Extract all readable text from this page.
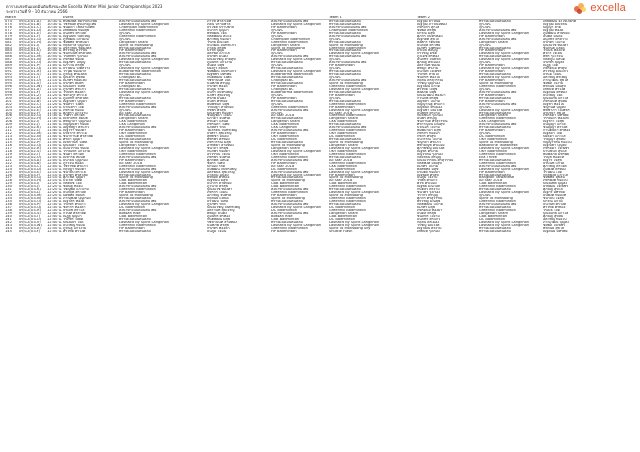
ตารางแข่งขันแบดมินตันชิงชนะเลิศ Excella Winter Mini Junior Championships 2023
ระหว่างวันที่ 9 - 10 ธันวาคม 2566	excella
Match			Event				Team 1	Team 2		
074	09/12(U1-A)	10:30 น.	ทับพงษ์ศ สมรรถนะชัย	สิ่งนำทางแบดมินตันไทย	ภาวิช ศาลาเลิศ	สิ่งนำทางแบดมินตันไทย	ทรายแบดมินตันคลับ	ณัฐวุฒิ ลาวัณย์	ทรายแบดมินตันคลับ	เตชพัฒน์ จงโขเกียรติ
075	09/12(U1-B)	10:30 น.	วัชรพงศ สุขเจริญไทย	Lashakit By Spirit Langkhon	ภคิน ปราบพาล	Lashakit By Spirit Langkhon	ทรายแบดมินตันคลับ	ณัฐวุฒิ ภาวัณย์ทอง	@CWC	ณัฐวุฒิ มณีรัตน์
076	09/12(U1-C)	10:30 น.	ชนัดดา โชติงามเทพ	Champion Badminton	ธีรโชติ ปราบพาล	HP Badminton	สิ่งนำทางแบดมินตันไทย	ภัทรจักร สุกใส	@CWC	ปัญญา สาย
077	09/12(U1-D)	10:30 น.	เตชพัฒน์ ทองสุข	Greenhill Badminton	ธนากร บุญมา	@CWC	Champion Badminton	ชยพล ศรีสุข	สิ่งนำทางแบดมินตันไทย	ณัฐวุฒิ ทองดี
078	09/12(U1-E)	10:30 น.	ธนภัทร ศรีวงศ์	@CWC	พีรพัฒน์ ใจดี	HP Badminton	ทรายแบดมินตันคลับ	ปกรณ์ มีสุข	Lashakit By Spirit Langkhon	ภูมิพัฒน์ สายทอง
079	09/12(U1-F)	10:40 น.	ณัฐนนท์ วงศ์ใหญ่	Greenhill Badminton	กิตติพัฒน์ สมใจ	@CWC	สิ่งนำทางแบดมินตันไทย	ศุภกร จันทร์หอม	HP Badminton	ธนพล มั่นคง
080	09/12(U1-G)	10:40 น.	ภูริพัฒน์ แก้วมณี	@CWC	ศุภวิชญ์ ทองมา	Champion Badminton	@CWC	ณัฐกิตติ์ สุขใจ	สิ่งนำทางแบดมินตันไทย	อนุภัทร ศรีสว่าง
081	09/12(U1-H)	10:40 น.	ชยพัทธ์ พรหมมา	Langkhon Shark	วรภพ มณีวงศ์	Greenhill Badminton	ทรายแบดมินตันคลับ	พงศกร รัตนชัย	Langkhon Shark	ธีรภัทร ใจงาม
082	09/12(U1-I)	10:40 น.	กฤตภาส บุญเรือง	Spirit To Monsoong	ธนวัฒน์ อินทร์แก้ว	Langkhon Shark	Spirit To Monsoong	ธนกฤต ศรีวิชัย	@CWC	ปุณณวิช ทองคำ
083	09/12(U1-J)	10:40 น.	อชิรวิชญ์ ชัยมงคล	ทรายแบดมินตันคลับ	ภาคิน ศรีสุข	Spirit To Monsoong	Greenhill Badminton	ณภัทร วงศ์ทอง	ทรายแบดมินตันคลับ	ชนกันต์ แสงดี
084	09/12(U1-K)	10:50 น.	พีรวิชญ์ สุวรรณ	HP Badminton	ปวริศ บุญมี	HP Badminton	ทรายแบดมินตันคลับ	ธีรเมธ พึ่งบุญ	HP Badminton	วรเมธ ทองแท้
085	09/12(U1-L)	10:50 น.	ชนกนันท์ ศรีสวัสดิ์	สิ่งนำทางแบดมินตันไทย	อัครพล แก้วใส	@CWC	Lashakit By Spirit Langkhon	กรวิชญ์ มีชัย	Lashakit By Spirit Langkhon	ศิวกร ใจเย็น
086	09/12(U1-M)	10:50 น.	วิรัลพัชร รุ่งเรือง	สิ่งนำทางแบดมินตันไทย	ธีรภัทร มั่นคง	สิ่งนำทางแบดมินตันไทย	ทรายแบดมินตันคลับ	ภูวเดช ศรีทอง	ทรายแบดมินตันคลับ	พชร รุ่งโรจน์
087	09/12(U1-N)	10:50 น.	ภัทรพล ทองดี	Lashakit By Spirit Langkhon	ปัณณวิชญ์ สายสุข	Lashakit By Spirit Langkhon	@CWC	ธนภัทร จันทร์ดี	Lashakit By Spirit Langkhon	กิตติภูมิ แสนดี
088	09/12(U1-O)	10:50 น.	ณัฐภัทร ใจบุญ	ทรายแบดมินตันคลับ	ภูมินทร์ แก้วงาม	ทรายแบดมินตันคลับ	สิ่งนำทางแบดมินตันไทย	ศุภณัฐ ศรีเมือง	@CWC	จิรภัทร บุญส่ง
089	09/12(U1-P)	11:00 น.	ปภาวิน ศรีสุข	@CWC	ธนดล มีสุข	@CWC	HP Badminton	อัครวินท์ ทองมี	HP Badminton	ณัฏฐ์ ใจดี
090	09/12(U1-Q)	11:00 น.	ธีรวัฒน์ วงศ์สว่าง	Lashakit By Spirit Langkhon	ปิยังกูร สมบัติ	ทรายแบดมินตันคลับ	@CWC	พิชญะ ศรีงาม	Lashakit By Spirit Langkhon	ภัทรดนัย ศรีสุข
091	09/12(U1-R)	11:00 น.	วรวุฒิ ทองมาก	BuddHarma Badminton	ชัยพัฒน์ จันทร์แก้ว	Lashakit By Spirit Langkhon	ทรายแบดมินตันคลับ	ธนวินท์ ใจเพชร	HP Badminton	สิรวิชญ์ มณีแก้ว
092	09/12(U1-S)	11:00 น.	ภูริณัฐ ศรีมงคล	ทรายแบดมินตันคลับ	ณัฐพัชร์ มีทรัพย์	BuddHarma Badminton	ทรายแบดมินตันคลับ	วีรภัทร สายใจ	ทรายแบดมินตันคลับ	ธีรนัย ใจมั่น
093	09/12(U1-T)	11:00 น.	ปุณยวีร์ สุขสม	Changsai BC	กันตพัฒน์ วงศ์ดี	ทรายแบดมินตันคลับ	@CWC	ชินภัทร ทองใบ	Lashakit By Spirit Langkhon	อติวิชญ์ ศรีเพ็ญ
094	09/12(U1-U)	11:10 น.	ณภัทร ทองแสง	ทรายแบดมินตันคลับ	รัชชานนท์ ใจดี	Changsai BC	สิ่งนำทางแบดมินตันไทย	กฤติน ศรีสุวรรณ	HP Badminton	ภาณุวัฒน์ สุขใส
095	09/12(U1-V)	11:10 น.	ธีรภัทร สมศรี	HP Badminton	นันทภพ ศรีบุญ	ทรายแบดมินตันคลับ	Spirit To Monsoong	วรัชญ์ บุญเรือง	Spirit To Monsoong	ชยพล ใจงาม
096	09/12(U1-W)	11:10 น.	ปัณณธร วิเศษ	Changsai BC	กรภัทร ทองดี	HP Badminton	Greenhill Badminton	ณัฐวัฒน์ แก้วดี	Greenhill Badminton	พีรดนย์ มณีสุข
097	09/12(U1-X)	11:10 น.	ภูริภัทร ศรีแก้ว	ทรายแบดมินตันคลับ	ธนภูมิ รักดี	Changsai BC	Lashakit By Spirit Langkhon	ศิรวิทย์ ใจสุข	@CWC	เตชินท์ ศรีวงศ์
098	09/12(U1-Y)	11:10 น.	วรินทร ทองคำ	Lashakit By Spirit Langkhon	ธนกร จันทร์เพ็ญ	BuddHarma Badminton	ทรายแบดมินตันคลับ	พงศภัค มีสุข	สิ่งนำทางแบดมินตันไทย	ณัฐดนัย ศรีทอง
099	09/12(U1-Z)	11:20 น.	ชยางกูร ศรีวิไล	@CWC	นภัทร สุขเจริญ	@CWC	HP Badminton	ปัณณวัฒน์ ทองมา	HP Badminton	ธนวิชญ์ ใจดี
100	09/12(U2-A)	11:20 น.	ภูมิภัทร ศรีสวัสดิ์	ทรายแบดมินตันคลับ	สิรภพ มั่นคง	HP Badminton	@CWC	กวินภพ ศรีสุข	ทรายแบดมินตันคลับ	ปุณณภพ แก้วใส
101	09/12(U2-B)	11:20 น.	ณัฐณิชา บุญมา	HP Badminton	ธนิสร ศรีทอง	ทรายแบดมินตันคลับ	ทรายแบดมินตันคลับ	อัญชิสา ใจงาม	HP Badminton	ภัทรนันท์ สุขสม
102	09/12(U2-C)	11:20 น.	ชนิสรา วงศ์ดี	Greenhill Badminton	พิมพ์ชนก มีสุข	@CWC	Greenhill Badminton	กัญญาณัฐ ศรีแก้ว	สิ่งนำทางแบดมินตันไทย	ณัฐชา ทองใบ
103	09/12(U2-D)	11:20 น.	ปาณิสรา ใจดี	สิ่งนำทางแบดมินตันไทย	วรนิษฐา สายทอง	Greenhill Badminton	HP Badminton	ธัญชนก ศรีเมือง	@CWC	ชญานิศ บุญส่ง
104	09/12(U2-E)	11:30 น.	ภัทรวดี ทองมี	@CWC	กชพร ศรีสุข	สิ่งนำทางแบดมินตันไทย	Lashakit By Spirit Langkhon	ณัฐนิชา มณีวงศ์	Lashakit By Spirit Langkhon	พิชชาภา ใจเพชร
105	09/12(U2-F)	11:30 น.	ศุภิสรา แก้วงาม	All Star 2018	ปุณยาพร ทองคำ	@CWC	All Star 2018	ธนัชพร ศรีงาม	ทรายแบดมินตันคลับ	อรปรียา สุขใส
106	09/12(U2-G)	11:30 น.	วริศรา ศรีวงศ์	ทรายแบดมินตันคลับ	ชนัญชิดา ใจมั่น	All Star 2018	Greenhill Badminton	กมลชนก รุ่งเรือง	Langkhon Shark	ภัทรธิดา มีทรัพย์
107	09/12(U2-H)	11:30 น.	ณิชาภัทร สมบัติ	Langkhon Shark	ปภาดา จันทร์ดี	ทรายแบดมินตันคลับ	Langkhon Shark	ธนพร ศรีบุญ	Greenhill Badminton	วรรณิดา ทองแท้
108	09/12(U2-I)	11:30 น.	พิชญาภา บุญเรือง	CKK Badminton	สิรินดา แสนดี	Langkhon Shark	CKK Badminton	ชนิกานต์ ศรีสุวรรณ	CKK Langkhon	ณัฐริกา ใจสุข
109	09/12(U2-J)	11:40 น.	กัญญ์ณิชา ทองดี	CKK Langkhon	ภัทรนิดา วิเศษ	CKK Badminton	ทรายแบดมินตันคลับ	ศิริกาญจน์ มณีสุข	สิ่งนำทางแบดมินตันไทย	ธนัญญา แก้วดี
110	09/12(U2-K)	11:40 น.	อัญชิษฐา ศรีแก้ว	สิ่งนำทางแบดมินตันไทย	นภัสสร รักดี	CKK Langkhon	สิ่งนำทางแบดมินตันไทย	ปวีณอร ใจงาม	ทรายแบดมินตันคลับ	ชนัญญา ศรีวงศ์
111	09/12(U2-L)	11:40 น.	ณัฐวรา ทองคำ	HP Badminton	วิมลรัตน์ จันทร์เพ็ญ	สิ่งนำทางแบดมินตันไทย	Greenhill Badminton	พิมพ์มาดา มีสุข	HP Badminton	กานต์ธิดา ศรีทอง
112	09/12(U2-M)	11:40 น.	ปริยากร ศรีวิไล	OKY Badminton	ธีริศรา สุขเจริญ	HP Badminton	OKY Badminton	ภัทรภร ทองมา	@CWC	ณัฐธิดา ใจดี
113	09/12(U2-N)	11:40 น.	ชนากานต์ ศรีสวัสดิ์	DC Badminton	สุพิชชา มั่นคง	OKY Badminton	DC Badminton	กชกร ศรีสุข	DC Badminton	ปิยธิดา แก้วใส
114	09/12(U2-O)	11:50 น.	ศิรดา บุญมา	ทรายแบดมินตันคลับ	พัชรพร ศรีทอง	DC Badminton	ทรายแบดมินตันคลับ	ธนวรรณ ใจงาม	OKY Badminton	วรัญญา สุขสม
115	09/12(U2-P)	11:50 น.	ณิชกานต์ วงศ์ดี	Spirit To Monsoong	ภัทรวรรณ มีสุข	ทรายแบดมินตันคลับ	Spirit To Monsoong	ชญาดา ศรีแก้ว	Spirit To Monsoong	กัญญารัตน์ ทองใบ
116	09/12(U2-Q)	11:50 น.	ปุณณดา ใจดี	Langkhon Shark	อาทิตยา สายทอง	Spirit To Monsoong	Langkhon Shark	พิชามญช์ ศรีเมือง	Bastonline Taiwanese	ณัฐณิชา บุญส่ง
117	09/12(U2-R)	11:50 น.	ธมนวรรณ ทองมี	Lashakit By Spirit Langkhon	ชนาภา ศรีสุข	Langkhon Shark	Lashakit By Spirit Langkhon	ศุภาพิชญ์ มณีวงศ์	Lashakit By Spirit Langkhon	ภัทรลดา ใจเพชร
118	09/12(U2-S)	11:50 น.	วรรณพร แก้วงาม	OKY Badminton	กนกพร ทองคำ	Lashakit By Spirit Langkhon	OKY Badminton	ณัฐพร ศรีงาม	OKY Badminton	ปานชนก สุขใส
119	09/12(U2-T)	12:00 น.	ชนิดา ศรีวงศ์	Greenhill Badminton	อรวรรณ ใจมั่น	OKY Badminton	Greenhill Badminton	ธัญวรัตน์ รุ่งเรือง	Greenhill Badminton	พิมพ์ลภัส มีทรัพย์
120	09/12(U2-U)	12:00 น.	ณิชารีย์ สมบัติ	สิ่งนำทางแบดมินตันไทย	ภัทรพร จันทร์ดี	Greenhill Badminton	ทรายแบดมินตันคลับ	กัลยรัตน์ ศรีบุญ	Elia Three	วรนุช ทองแท้
121	09/12(U3-A)	12:00 น.	ธนาธิป บุญเรือง	HP Badminton	ศุภกิตติ์ แสนดี	สิ่งนำทางแบดมินตันไทย	All Star 2018	ปัณณวรรธน์ ศรีสุวรรณ	ทรายแบดมินตันคลับ	ณัฐวีร์ ใจสุข
122	09/12(U3-B)	12:00 น.	ภูริวัจน์ ทองดี	All Star 2018	ชยกร วิเศษ	HP Badminton	Greenhill Badminton	กิตติพงศ์ มณีสุข	Greenhill Badminton	ธีรนันท์ แก้วดี
123	09/12(U3-C)	12:00 น.	วชิรวิทย์ ศรีแก้ว	Greenhill Badminton	ปกป้อง รักดี	All Star 2018	CKK Badminton	ณภัทร ใจงาม	สิ่งนำทางแบดมินตันไทย	ศุภวิชญ์ ศรีวงศ์
124	09/12(U3-D)	12:10 น.	กฤษฎา ทองคำ	สิ่งนำทางแบดมินตันไทย	ธนพัฒน์ จันทร์เพ็ญ	DC Badminton	DC Badminton	พงศ์พัทธ์ มีสุข	Lashakit By Spirit Langkhon	ภูมิพงศ์ ศรีทอง
125	09/12(U3-E)	12:10 น.	ชนาธิป ศรีวิไล	Lashakit By Spirit Langkhon	อัครพนธ์ สุขเจริญ	สิ่งนำทางแบดมินตันไทย	Lashakit By Spirit Langkhon	ปรมัตถ์ ทองมา	HP Badminton	วีรวัฒน์ ใจดี
126	09/12(U3-F)	12:10 น.	ธีรภัทร ศรีสวัสดิ์	ทรายแบดมินตันคลับ	ภาคภูมิ มั่นคง	Lashakit By Spirit Langkhon	HP Badminton	ณัฐพงศ์ ศรีสุข	ทรายแบดมินตันคลับ	กฤติพงษ์ แก้วใส
127	09/12(U3-G)	12:10 น.	ศุภโชค บุญมา	Spirit To Monsoong	พีรพงศ์ ศรีทอง	ทรายแบดมินตันคลับ	Spirit To Monsoong	ธนภูมิ ใจงาม	Bangkok Taiwanese	ชยพัทธ์ สุขสม
128	09/12(U3-H)	12:10 น.	ปวเรศ วงศ์ดี	CBB Badminton	ณัฐชนน มีสุข	Spirit To Monsoong	All Star 2018	วรพล ศรีแก้ว	All Star 2018	ภัทรพงศ์ ทองใบ
129	09/12(U3-I)	12:20 น.	กิตติธัช ใจดี	CBB Badminton	ธนากร สายทอง	CBB Badminton	CBB Badminton	ศิวัช ศรีเมือง	CBB Badminton	ปัณณทัต บุญส่ง
130	09/12(U3-J)	12:20 น.	ชยณัฐ ทองมี	สิ่งนำทางแบดมินตันไทย	ภูวนาถ ศรีสุข	CBB Badminton	Greenhill Badminton	ณัฐพล มณีวงศ์	Greenhill Badminton	ธีรพัฒน์ ใจเพชร
131	09/12(U3-K)	12:20 น.	วิชญ์พล แก้วงาม	Greenhill Badminton	ปุณณวิช ทองคำ	สิ่งนำทางแบดมินตันไทย	ทรายแบดมินตันคลับ	กันต์ธีร์ ศรีงาม	ทรายแบดมินตันคลับ	ศุภณัฐ สุขใส
132	09/12(U3-L)	12:20 น.	ธนกฤต ศรีวงศ์	HP Badminton	ภัทรกร ใจมั่น	Greenhill Badminton	Lashakit By Spirit Langkhon	ชินวัตร รุ่งเรือง	Lashakit By Spirit Langkhon	ณัฐกร มีทรัพย์
133	09/12(U3-M)	12:20 น.	ปิยพัทธ์ สมบัติ	Spirit To Monsoong	อภิวิชญ์ จันทร์ดี	HP Badminton	Spirit To Monsoong	วรากร ศรีบุญ	@CWC	ธนพงศ์ ทองแท้
134	09/12(U3-N)	12:30 น.	ภาณุพงศ์ บุญเรือง	ทรายแบดมินตันคลับ	กฤตนัย แสนดี	Spirit To Monsoong	Greenhill Badminton	ศุภกร ศรีสุวรรณ	Spirit To Monsoong	ชนาธิป ใจสุข
135	09/12(U3-O)	12:30 น.	ณัฐวัตร ทองดี	สิ่งนำทางแบดมินตันไทย	ธีรวัฒน์ วิเศษ	ทรายแบดมินตันคลับ	Greenhill Badminton	พีรวิชญ์ มณีสุข	Greenhill Badminton	ปกรณ์ แก้วดี
136	09/12(U3-P)	12:30 น.	วรภัทร ศรีแก้ว	Lashakit By Spirit Langkhon	ภูริภัทร รักดี	สิ่งนำทางแบดมินตันไทย	ทรายแบดมินตันคลับ	กิตติพัฒน์ ใจงาม	สิ่งนำทางแบดมินตันไทย	ธนวินท์ ศรีวงศ์
137	09/12(U3-Q)	12:30 น.	ชยากร ทองคำ	DC Badminton	ปัณณวิชญ์ จันทร์เพ็ญ	Lashakit By Spirit Langkhon	DC Badminton	ณภัทร มีสุข	ทรายแบดมินตันคลับ	ศิรวิทย์ ศรีทอง
138	09/12(U3-R)	12:30 น.	ธีรเดช ศรีวิไล	สิ่งนำทางแบดมินตันไทย	อัครวินท์ สุขเจริญ	DC Badminton	Greenhill Badminton	ภัทรดนัย ทองมา	Greenhill Badminton	วรเมธ ใจดี
139	09/12(U3-S)	12:40 น.	กวินท์ ศรีสวัสดิ์	Bossan Rise	พิชญะ มั่นคง	สิ่งนำทางแบดมินตันไทย	Langkhon Shark	ธนดล ศรีสุข	Langkhon Shark	ปุณณภพ แก้วใส
140	09/12(U3-T)	12:40 น.	ณัฏฐ์ บุญมา	CBB Badminton	ภูมินทร์ ศรีทอง	Bossan Rise	CBB Badminton	ชินภัทร ใจงาม	CBB Badminton	ศุภณัฐ สุขสม
141	09/12(U3-U)	12:40 น.	วีรภัทร วงศ์ดี	ทรายแบดมินตันคลับ	กันตพัฒน์ มีสุข	CBB Badminton	DC Badminton	ธนภัทร ศรีแก้ว	DC Badminton	อติวิชญ์ ทองใบ
142	09/12(U3-V)	12:40 น.	ปัณณธร ใจดี	Lashakit By Spirit Langkhon	รัชชานนท์ สายทอง	ทรายแบดมินตันคลับ	Lashakit By Spirit Langkhon	กฤติน ศรีเมือง	Lashakit By Spirit Langkhon	ภาณุวัฒน์ บุญส่ง
143	09/12(U3-W)	12:40 น.	ธนวิชญ์ ทองมี	Greenhill Badminton	นันทภพ ศรีสุข	Lashakit By Spirit Langkhon	Lashakit By Spirit Langkhon	วรัชญ์ มณีวงศ์	Lashakit By Spirit Langkhon	ชยพล ใจเพชร
144	09/12(U3-X)	12:50 น.	ภูริณัฐ แก้วงาม	HP Badminton	กรภัทร ทองคำ	Greenhill Badminton	Spirit To Monsoong Sky	ณัฐวัฒน์ ศรีงาม	ทรายแบดมินตันคลับ	พีรดนย์ สุขใส
145	09/12(U3-Y)	12:50 น.	ศิรวิทย์ ศรีวงศ์	ทรายแบดมินตันคลับ	ธนภูมิ ใจมั่น	HP Badminton	Shuttle Flash	เตชินท์ รุ่งเรือง	ทรายแบดมินตันคลับ	ณัฐดนัย มีทรัพย์
